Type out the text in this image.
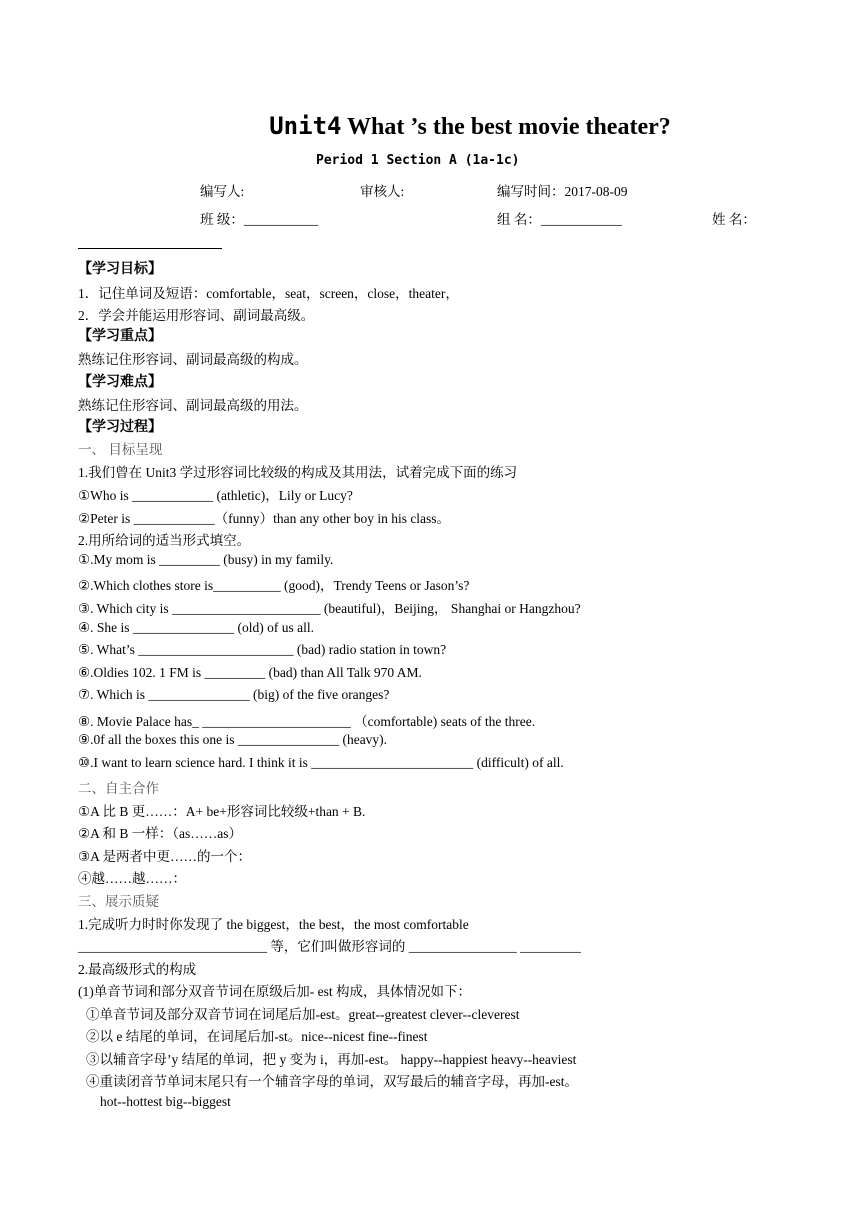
Unit4 What ’s the best movie theater?
Period 1 Section A (1a-1c)
编写人:	审核人:	编写时间：2017-08-09
班 级：___________	组 名：____________	姓 名：
【学习目标】
1．记住单词及短语：comfortable，seat，screen，close，theater，
2．学会并能运用形容词、副词最高级。
【学习重点】
熟练记住形容词、副词最高级的构成。
【学习难点】
熟练记住形容词、副词最高级的用法。
【学习过程】
一、 目标呈现
1.我们曾在 Unit3 学过形容词比较级的构成及其用法，试着完成下面的练习
①Who is ____________ (athletic)，Lily or Lucy?
②Peter is ____________（funny）than any other boy in his class。
2.用所给词的适当形式填空。
①.My mom is _________ (busy) in my family.
②.Which clothes store is__________ (good)，Trendy Teens or Jason’s?
③. Which city is ______________________ (beautiful)，Beijing， Shanghai or Hangzhou?
④. She is _______________ (old) of us all.
⑤. What’s _______________________ (bad) radio station in town?
⑥.Oldies 102. 1 FM is _________ (bad) than All Talk 970 AM.
⑦. Which is _______________ (big) of the five oranges?
⑧. Movie Palace has_ ______________________ （comfortable) seats of the three.
⑨.0f all the boxes this one is _______________ (heavy).
⑩.I want to learn science hard. I think it is ________________________ (difficult) of all.
二、自主合作
①A 比 B 更……：A+ be+形容词比较级+than + B.
②A 和 B 一样：（as……as）
③A 是两者中更……的一个：
④越……越……：
三、展示质疑
1.完成听力时时你发现了 the biggest，the best，the most comfortable
____________________________ 等，它们叫做形容词的 ________________ _________
2.最高级形式的构成
(1)单音节词和部分双音节词在原级后加- est 构成，具体情况如下：
①单音节词及部分双音节词在词尾后加-est。great--greatest clever--cleverest
②以 e 结尾的单词，在词尾后加-st。nice--nicest fine--finest
③以辅音字母’y 结尾的单词，把 y 变为 i，再加-est。 happy--happiest heavy--heaviest
④重读闭音节单词末尾只有一个辅音字母的单词，双写最后的辅音字母，再加-est。
hot--hottest big--biggest
